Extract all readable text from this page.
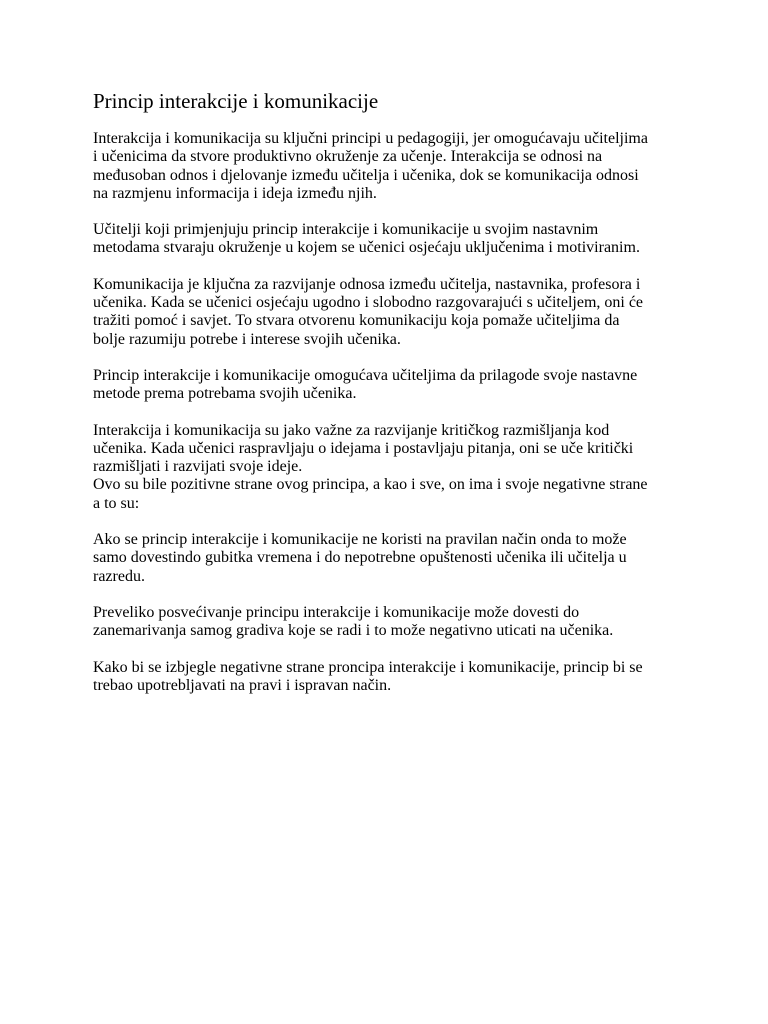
Princip interakcije i komunikacije
Interakcija i komunikacija su ključni principi u pedagogiji, jer omogućavaju učiteljima
i učenicima da stvore produktivno okruženje za učenje. Interakcija se odnosi na
međusoban odnos i djelovanje između učitelja i učenika, dok se komunikacija odnosi
na razmjenu informacija i ideja između njih.
Učitelji koji primjenjuju princip interakcije i komunikacije u svojim nastavnim
metodama stvaraju okruženje u kojem se učenici osjećaju uključenima i motiviranim.
Komunikacija je ključna za razvijanje odnosa između učitelja, nastavnika, profesora i
učenika. Kada se učenici osjećaju ugodno i slobodno razgovarajući s učiteljem, oni će
tražiti pomoć i savjet. To stvara otvorenu komunikaciju koja pomaže učiteljima da
bolje razumiju potrebe i interese svojih učenika.
Princip interakcije i komunikacije omogućava učiteljima da prilagode svoje nastavne
metode prema potrebama svojih učenika.
Interakcija i komunikacija su jako važne za razvijanje kritičkog razmišljanja kod
učenika. Kada učenici raspravljaju o idejama i postavljaju pitanja, oni se uče kritički
razmišljati i razvijati svoje ideje.
Ovo su bile pozitivne strane ovog principa, a kao i sve, on ima i svoje negativne strane
a to su:
Ako se princip interakcije i komunikacije ne koristi na pravilan način onda to može
samo dovestindo gubitka vremena i do nepotrebne opuštenosti učenika ili učitelja u
razredu.
Preveliko posvećivanje principu interakcije i komunikacije može dovesti do
zanemarivanja samog gradiva koje se radi i to može negativno uticati na učenika.
Kako bi se izbjegle negativne strane proncipa interakcije i komunikacije, princip bi se
trebao upotrebljavati na pravi i ispravan način.
